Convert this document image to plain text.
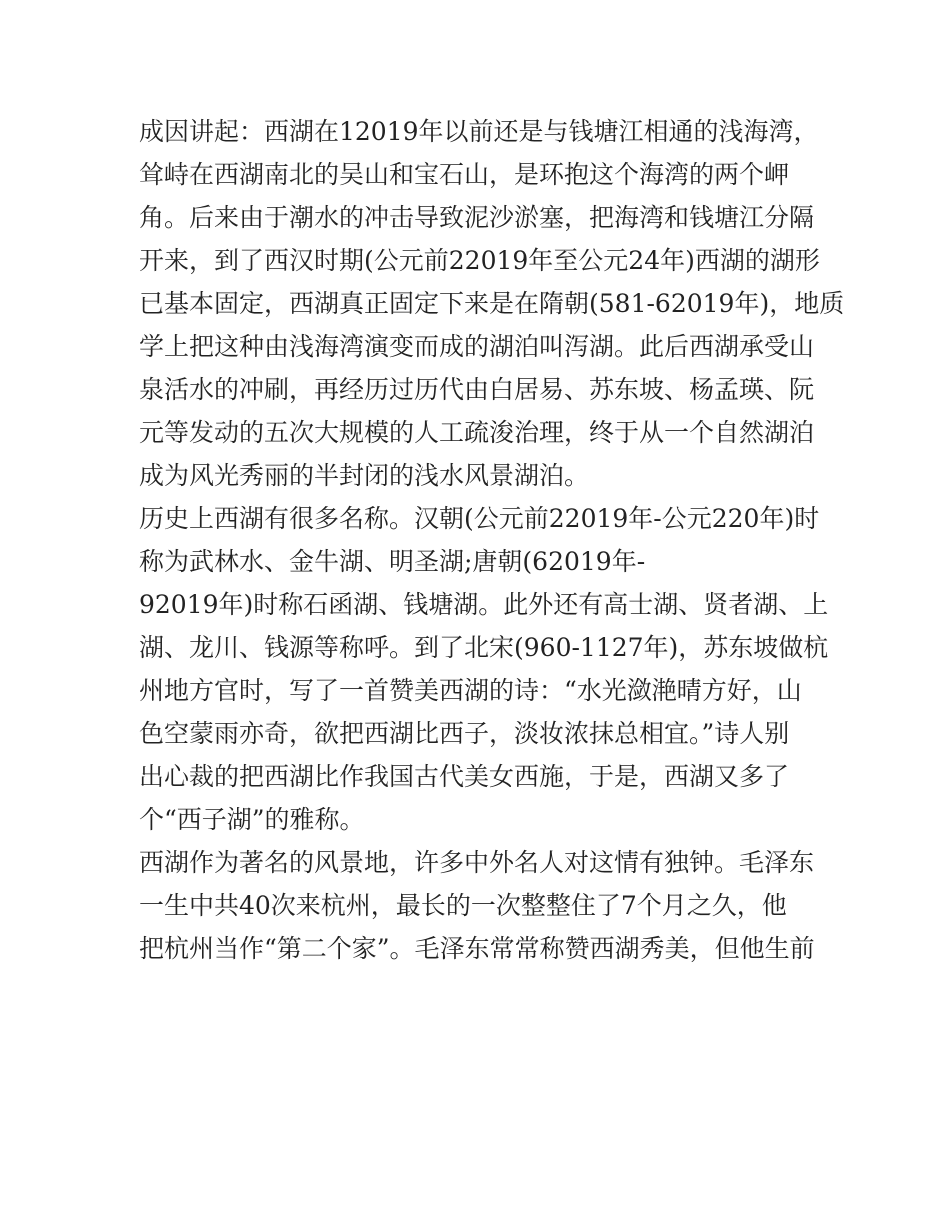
成因讲起：西湖在12019年以前还是与钱塘江相通的浅海湾，
耸峙在西湖南北的吴山和宝石山，是环抱这个海湾的两个岬
角。后来由于潮水的冲击导致泥沙淤塞，把海湾和钱塘江分隔
开来，到了西汉时期(公元前22019年至公元24年)西湖的湖形
已基本固定，西湖真正固定下来是在隋朝(581-62019年)，地质
学上把这种由浅海湾演变而成的湖泊叫泻湖。此后西湖承受山
泉活水的冲刷，再经历过历代由白居易、苏东坡、杨孟瑛、阮
元等发动的五次大规模的人工疏浚治理，终于从一个自然湖泊
成为风光秀丽的半封闭的浅水风景湖泊。
历史上西湖有很多名称。汉朝(公元前22019年-公元220年)时
称为武林水、金牛湖、明圣湖;唐朝(62019年-
92019年)时称石函湖、钱塘湖。此外还有高士湖、贤者湖、上
湖、龙川、钱源等称呼。到了北宋(960-1127年)，苏东坡做杭
州地方官时，写了一首赞美西湖的诗：“水光潋滟晴方好，山
色空蒙雨亦奇，欲把西湖比西子，淡妆浓抹总相宜。”诗人别
出心裁的把西湖比作我国古代美女西施，于是，西湖又多了
个“西子湖”的雅称。
西湖作为著名的风景地，许多中外名人对这情有独钟。毛泽东
一生中共40次来杭州，最长的一次整整住了7个月之久，他
把杭州当作“第二个家”。毛泽东常常称赞西湖秀美，但他生前
